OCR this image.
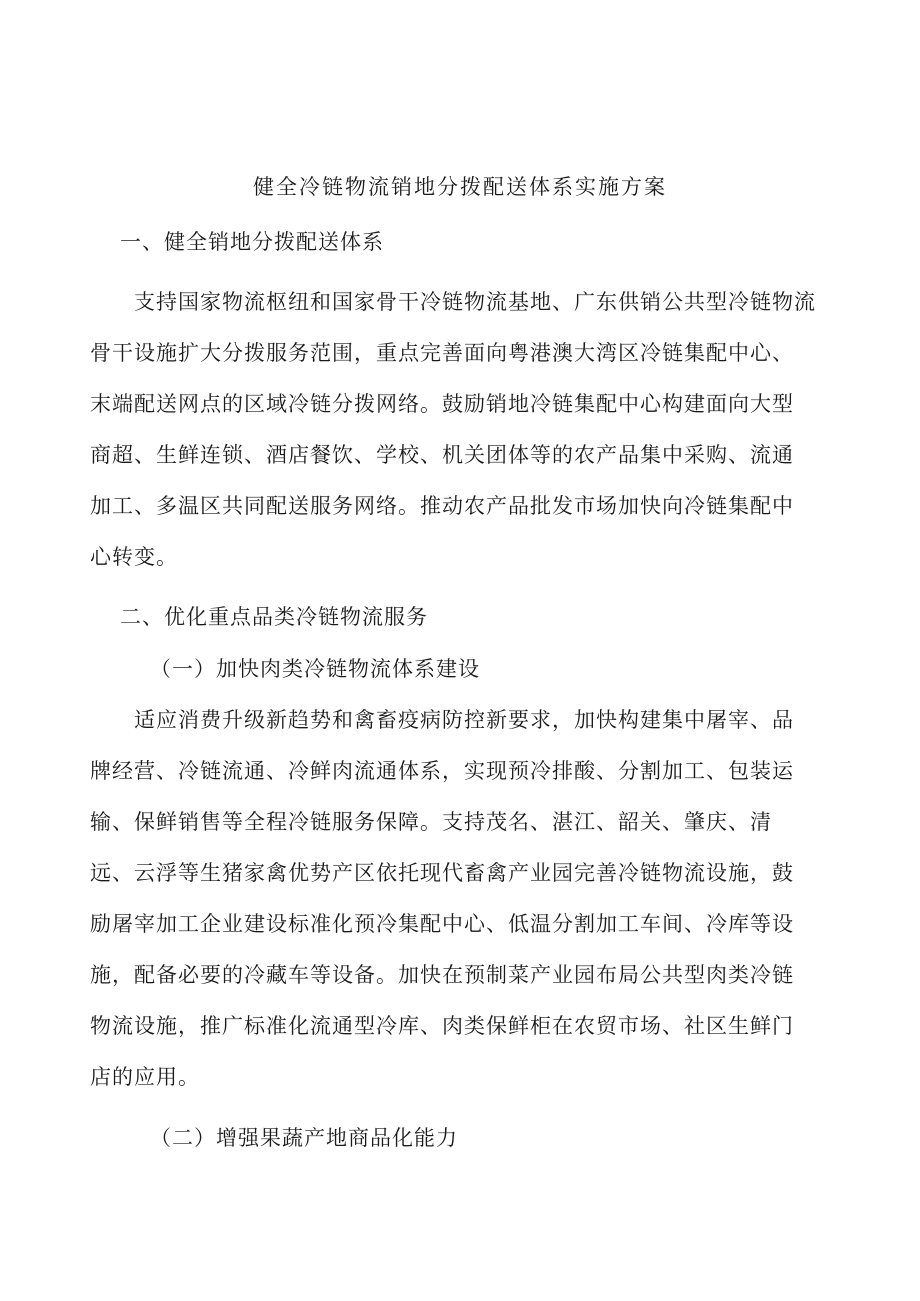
健全冷链物流销地分拨配送体系实施方案
一、健全销地分拨配送体系
支持国家物流枢纽和国家骨干冷链物流基地、广东供销公共型冷链物流
骨干设施扩大分拨服务范围，重点完善面向粤港澳大湾区冷链集配中心、
末端配送网点的区域冷链分拨网络。鼓励销地冷链集配中心构建面向大型
商超、生鲜连锁、酒店餐饮、学校、机关团体等的农产品集中采购、流通
加工、多温区共同配送服务网络。推动农产品批发市场加快向冷链集配中
心转变。
二、优化重点品类冷链物流服务
（一）加快肉类冷链物流体系建设
适应消费升级新趋势和禽畜疫病防控新要求，加快构建集中屠宰、品
牌经营、冷链流通、冷鲜肉流通体系，实现预冷排酸、分割加工、包装运
输、保鲜销售等全程冷链服务保障。支持茂名、湛江、韶关、肇庆、清
远、云浮等生猪家禽优势产区依托现代畜禽产业园完善冷链物流设施，鼓
励屠宰加工企业建设标准化预冷集配中心、低温分割加工车间、冷库等设
施，配备必要的冷藏车等设备。加快在预制菜产业园布局公共型肉类冷链
物流设施，推广标准化流通型冷库、肉类保鲜柜在农贸市场、社区生鲜门
店的应用。
（二）增强果蔬产地商品化能力
